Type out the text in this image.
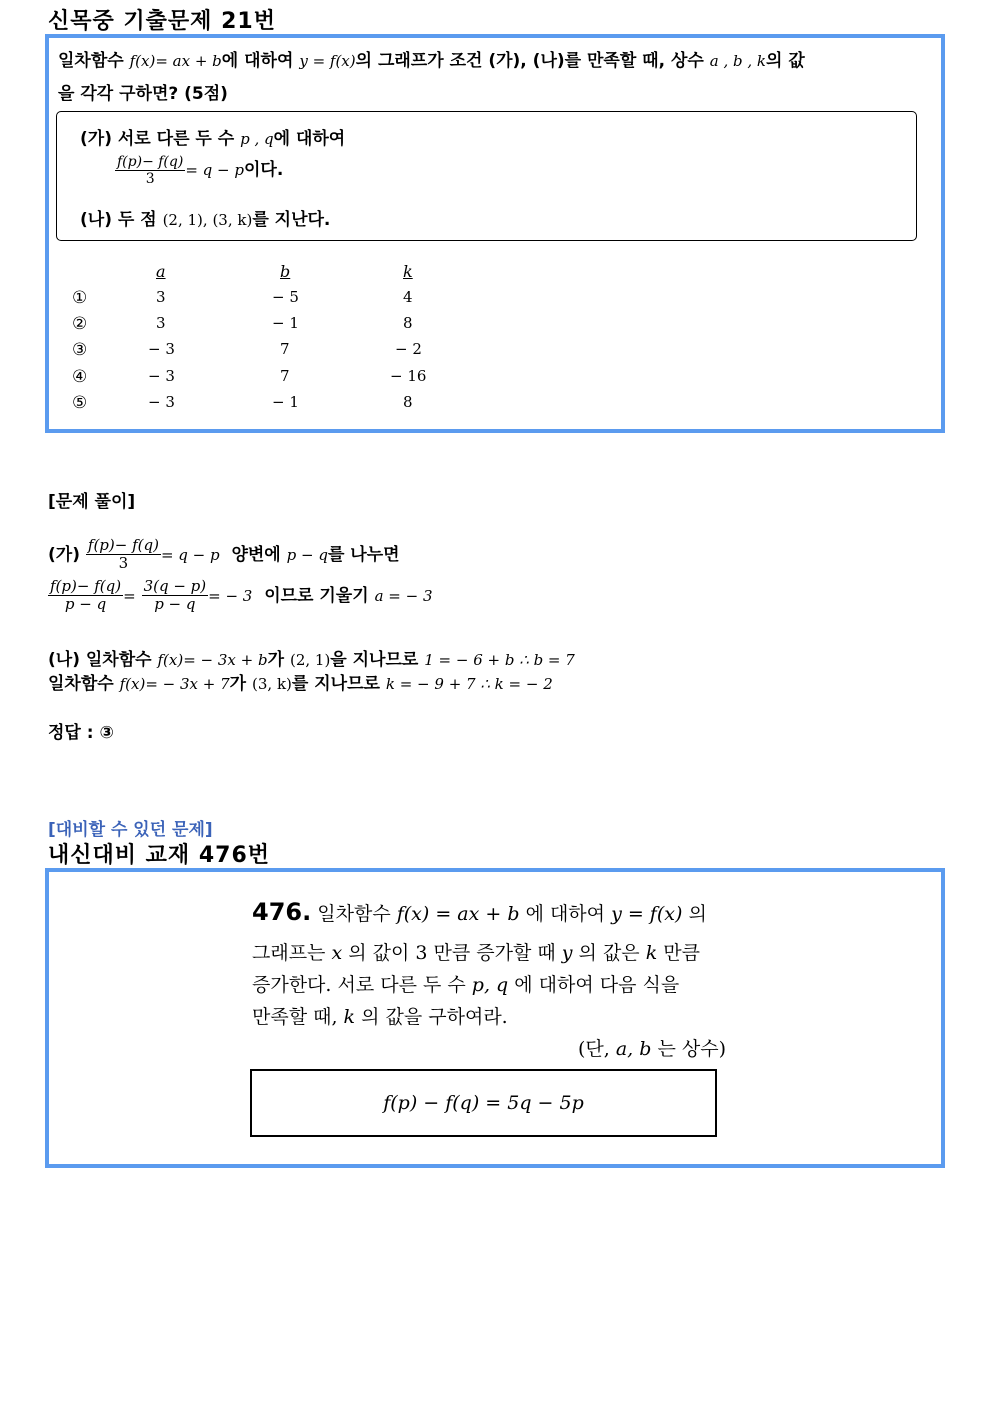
신목중 기출문제 21번
일차함수 f(x)= ax + b에 대하여 y = f(x)의 그래프가 조건 (가), (나)를 만족할 때, 상수 a , b , k의 값
을 각각 구하면? (5점)
(가) 서로 다른 두 수 p , q에 대하여
$\frac{f(p)- f(q)}{3} = q - p$이다.
(나) 두 점 (2, 1), (3, k)를 지난다.
a	b	k
①	3	− 5	4
②	3	− 1	8
③	− 3	7	− 2
④	− 3	7	− 16
⑤	− 3	− 1	8
[문제 풀이]
(가) $\frac{f(p)- f(q)}{3} = q - p$ 양변에 p − q를 나누면
$\frac{f(p)- f(q)}{p - q} = \frac{3(q - p)}{p - q}$ = − 3 이므로 기울기 a = − 3
(나) 일차함수 f(x)= − 3x + b가 (2, 1)을 지나므로 1 = − 6 + b ∴ b = 7
일차함수 f(x)= − 3x + 7가 (3, k)를 지나므로 k = − 9 + 7 ∴ k = − 2
정답 : ③
[대비할 수 있던 문제]
내신대비 교재 476번
476. 일차함수 f(x) = ax + b 에 대하여 y = f(x) 의
그래프는 x 의 값이 3 만큼 증가할 때 y 의 값은 k 만큼
증가한다. 서로 다른 두 수 p, q 에 대하여 다음 식을
만족할 때, k 의 값을 구하여라.
(단, a, b 는 상수)
f(p) − f(q) = 5q − 5p
